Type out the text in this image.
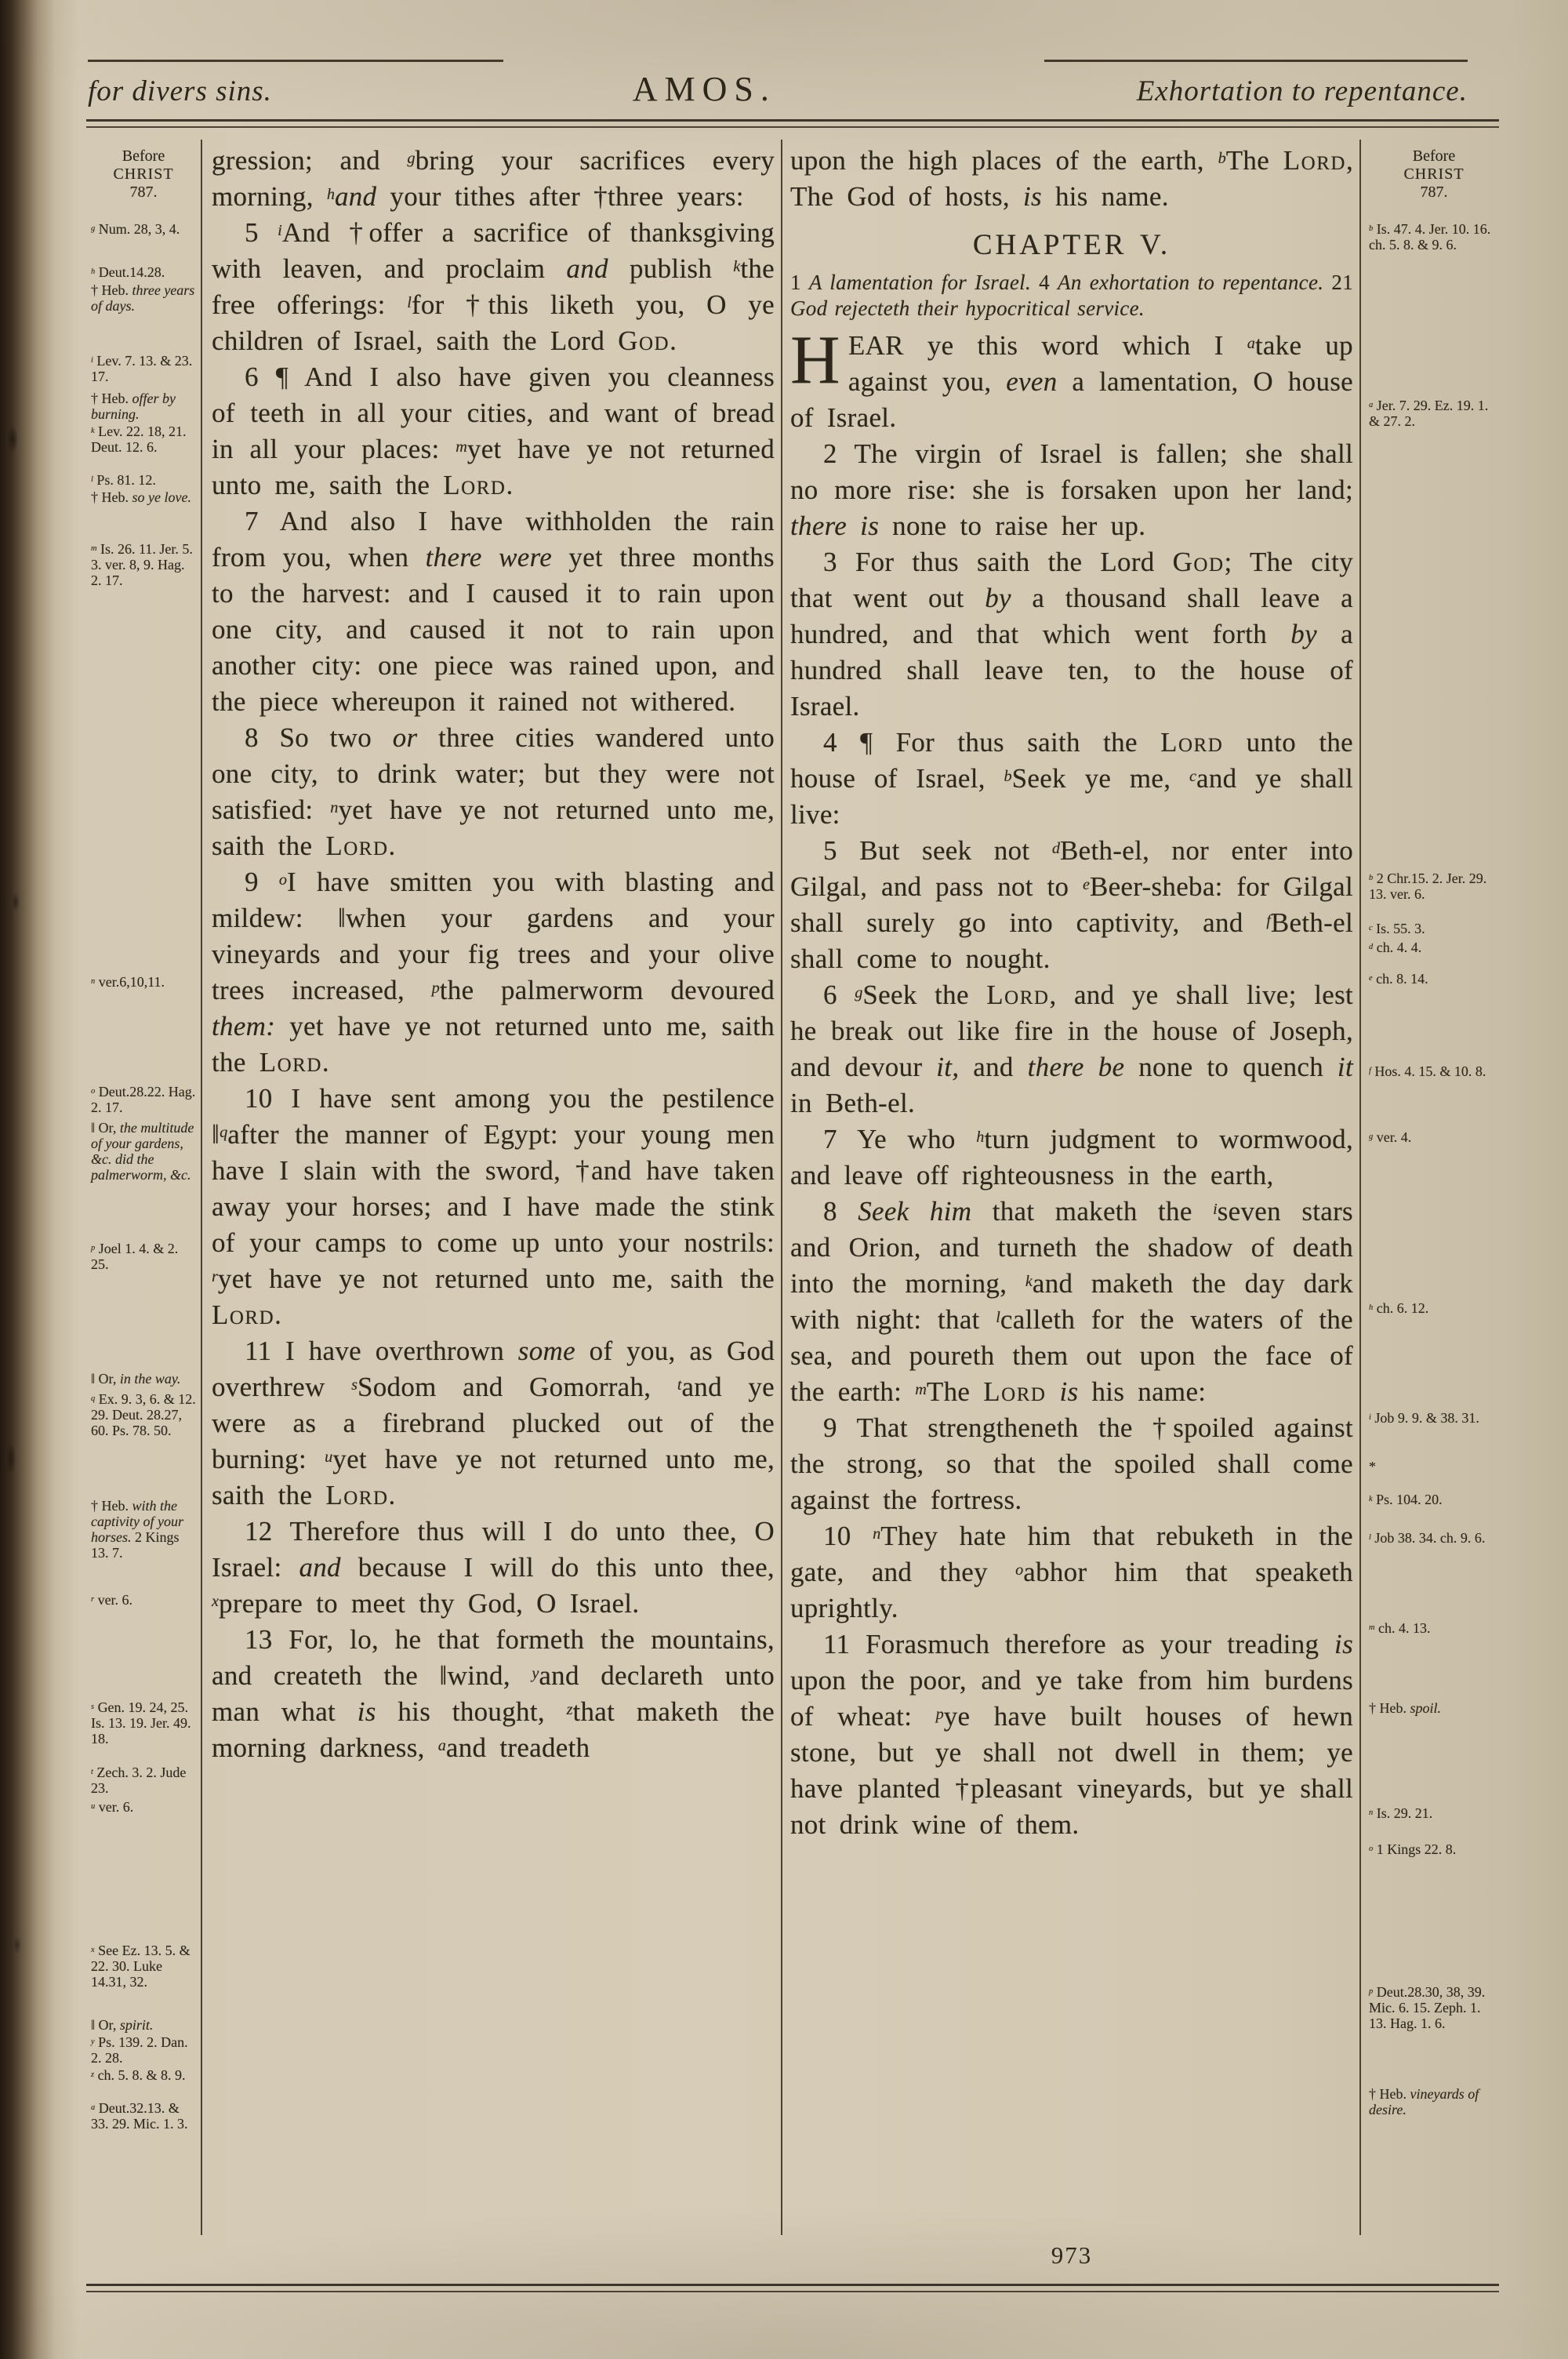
for divers sins.	AMOS.	Exhortation to repentance.
Before
CHRIST
787.
$^g$ Num. 28, 3, 4.
$^h$ Deut.14.28.
† Heb. three years of days.
$^i$ Lev. 7. 13. & 23. 17.
† Heb. offer by burning.
$^k$ Lev. 22. 18, 21. Deut. 12. 6.
$^l$ Ps. 81. 12.
† Heb. so ye love.
$^m$ Is. 26. 11. Jer. 5. 3. ver. 8, 9. Hag. 2. 17.
$^n$ ver.6,10,11.
$^o$ Deut.28.22. Hag. 2. 17.
‖ Or, the multitude of your gardens, &c. did the palmerworm, &c.
$^p$ Joel 1. 4. & 2. 25.
‖ Or, in the way.
$^q$ Ex. 9. 3, 6. & 12. 29. Deut. 28.27, 60. Ps. 78. 50.
† Heb. with the captivity of your horses. 2 Kings 13. 7.
$^r$ ver. 6.
$^s$ Gen. 19. 24, 25. Is. 13. 19. Jer. 49. 18.
$^t$ Zech. 3. 2. Jude 23.
$^u$ ver. 6.
$^x$ See Ez. 13. 5. & 22. 30. Luke 14.31, 32.
‖ Or, spirit.
$^y$ Ps. 139. 2. Dan. 2. 28.
$^z$ ch. 5. 8. & 8. 9.
$^a$ Deut.32.13. & 33. 29. Mic. 1. 3.
gression; and $^g$bring your sacrifices every morning, $^h$and your tithes after †three years:
5 $^i$And †offer a sacrifice of thanksgiving with leaven, and proclaim and publish $^k$the free offerings: $^l$for †this liketh you, O ye children of Israel, saith the Lord God.
6 ¶ And I also have given you cleanness of teeth in all your cities, and want of bread in all your places: $^m$yet have ye not returned unto me, saith the Lord.
7 And also I have withholden the rain from you, when there were yet three months to the harvest: and I caused it to rain upon one city, and caused it not to rain upon another city: one piece was rained upon, and the piece whereupon it rained not withered.
8 So two or three cities wandered unto one city, to drink water; but they were not satisfied: $^n$yet have ye not returned unto me, saith the Lord.
9 $^o$I have smitten you with blasting and mildew: ‖when your gardens and your vineyards and your fig trees and your olive trees increased, $^p$the palmerworm devoured them: yet have ye not returned unto me, saith the Lord.
10 I have sent among you the pestilence ‖$^q$after the manner of Egypt: your young men have I slain with the sword, †and have taken away your horses; and I have made the stink of your camps to come up unto your nostrils: $^r$yet have ye not returned unto me, saith the Lord.
11 I have overthrown some of you, as God overthrew $^s$Sodom and Gomorrah, $^t$and ye were as a firebrand plucked out of the burning: $^u$yet have ye not returned unto me, saith the Lord.
12 Therefore thus will I do unto thee, O Israel: and because I will do this unto thee, $^x$prepare to meet thy God, O Israel.
13 For, lo, he that formeth the mountains, and createth the ‖wind, $^y$and declareth unto man what is his thought, $^z$that maketh the morning darkness, $^a$and treadeth
upon the high places of the earth, $^b$The Lord, The God of hosts, is his name.
CHAPTER V.
1 A lamentation for Israel. 4 An exhortation to repentance. 21 God rejecteth their hypocritical service.
HEAR ye this word which I $^a$take up against you, even a lamentation, O house of Israel.
2 The virgin of Israel is fallen; she shall no more rise: she is forsaken upon her land; there is none to raise her up.
3 For thus saith the Lord God; The city that went out by a thousand shall leave a hundred, and that which went forth by a hundred shall leave ten, to the house of Israel.
4 ¶ For thus saith the Lord unto the house of Israel, $^b$Seek ye me, $^c$and ye shall live:
5 But seek not $^d$Beth-el, nor enter into Gilgal, and pass not to $^e$Beer-sheba: for Gilgal shall surely go into captivity, and $^f$Beth-el shall come to nought.
6 $^g$Seek the Lord, and ye shall live; lest he break out like fire in the house of Joseph, and devour it, and there be none to quench it in Beth-el.
7 Ye who $^h$turn judgment to wormwood, and leave off righteousness in the earth,
8 Seek him that maketh the $^i$seven stars and Orion, and turneth the shadow of death into the morning, $^k$and maketh the day dark with night: that $^l$calleth for the waters of the sea, and poureth them out upon the face of the earth: $^m$The Lord is his name:
9 That strengtheneth the †spoiled against the strong, so that the spoiled shall come against the fortress.
10 $^n$They hate him that rebuketh in the gate, and they $^o$abhor him that speaketh uprightly.
11 Forasmuch therefore as your treading is upon the poor, and ye take from him burdens of wheat: $^p$ye have built houses of hewn stone, but ye shall not dwell in them; ye have planted †pleasant vineyards, but ye shall not drink wine of them.
Before
CHRIST
787.
$^b$ Is. 47. 4. Jer. 10. 16. ch. 5. 8. & 9. 6.
$^a$ Jer. 7. 29. Ez. 19. 1. & 27. 2.
$^b$ 2 Chr.15. 2. Jer. 29. 13. ver. 6.
$^c$ Is. 55. 3.
$^d$ ch. 4. 4.
$^e$ ch. 8. 14.
$^f$ Hos. 4. 15. & 10. 8.
$^g$ ver. 4.
$^h$ ch. 6. 12.
$^i$ Job 9. 9. & 38. 31.
*
$^k$ Ps. 104. 20.
$^l$ Job 38. 34. ch. 9. 6.
$^m$ ch. 4. 13.
† Heb. spoil.
$^n$ Is. 29. 21.
$^o$ 1 Kings 22. 8.
$^p$ Deut.28.30, 38, 39. Mic. 6. 15. Zeph. 1. 13. Hag. 1. 6.
† Heb. vineyards of desire.
973
